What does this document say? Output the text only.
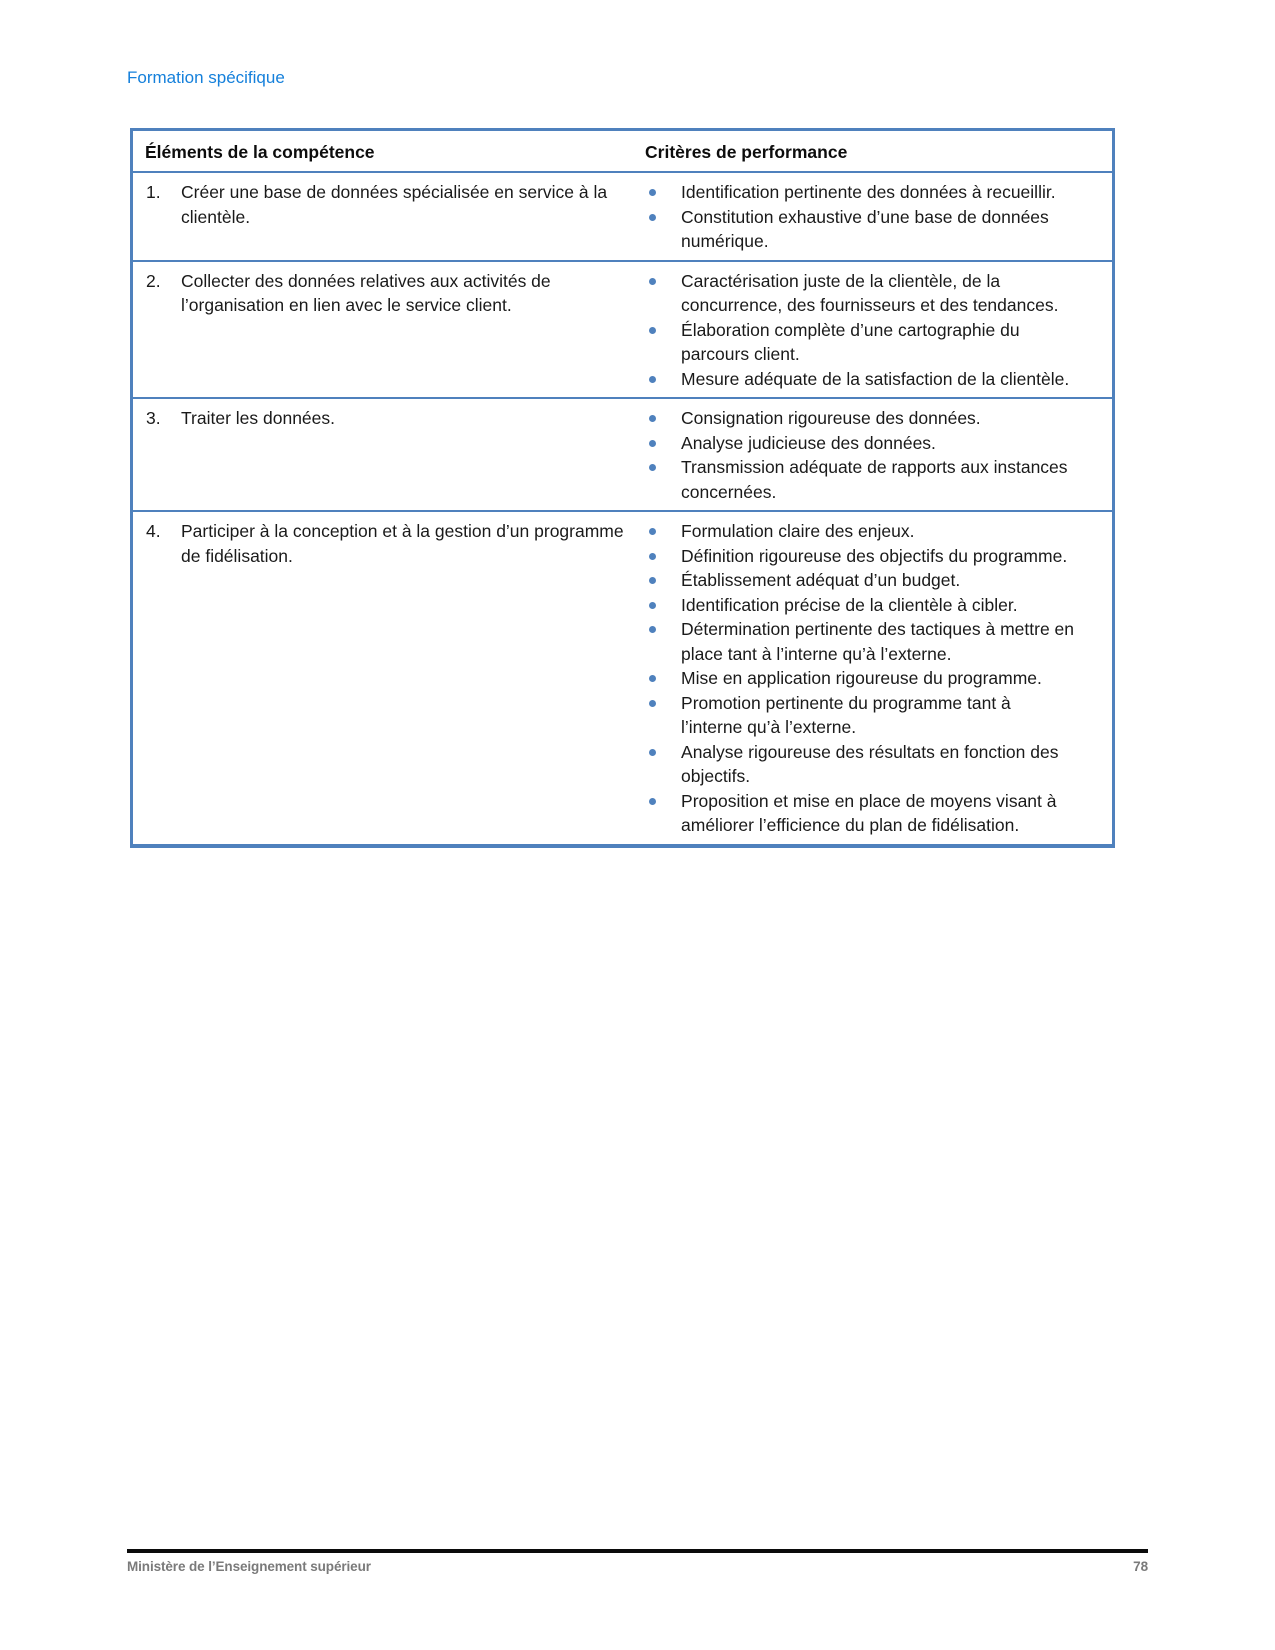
Formation spécifique
Éléments de la compétence	Critères de performance
1.	Créer une base de données spécialisée en service à la clientèle.
Identification pertinente des données à recueillir.
Constitution exhaustive d’une base de données numérique.
2.	Collecter des données relatives aux activités de l’organisation en lien avec le service client.
Caractérisation juste de la clientèle, de la concurrence, des fournisseurs et des tendances.
Élaboration complète d’une cartographie du parcours client.
Mesure adéquate de la satisfaction de la clientèle.
3.	Traiter les données.	Consignation rigoureuse des données.
Analyse judicieuse des données.
Transmission adéquate de rapports aux instances concernées.
4.	Participer à la conception et à la gestion d’un programme de fidélisation.
Formulation claire des enjeux.
Définition rigoureuse des objectifs du programme.
Établissement adéquat d’un budget.
Identification précise de la clientèle à cibler.
Détermination pertinente des tactiques à mettre en place tant à l’interne qu’à l’externe.
Mise en application rigoureuse du programme.
Promotion pertinente du programme tant à l’interne qu’à l’externe.
Analyse rigoureuse des résultats en fonction des objectifs.
Proposition et mise en place de moyens visant à améliorer l’efficience du plan de fidélisation.
Ministère de l’Enseignement supérieur	78
